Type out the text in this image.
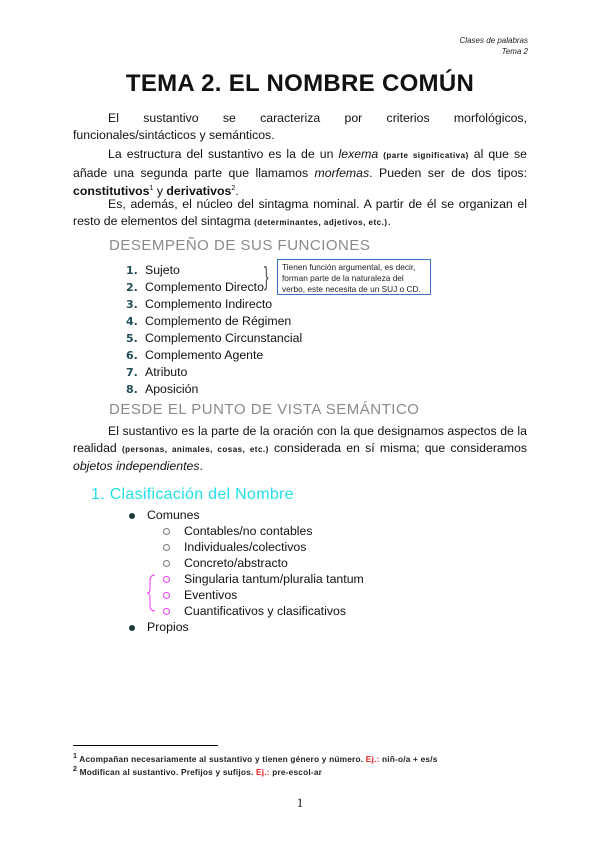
Clases de palabras
Tema 2
TEMA 2. EL NOMBRE COMÚN
El sustantivo se caracteriza por criterios morfológicos, funcionales/sintácticos y semánticos.
La estructura del sustantivo es la de un lexema (parte significativa) al que se añade una segunda parte que llamamos morfemas. Pueden ser de dos tipos: constitutivos$^1$ y derivativos$^2$.
Es, además, el núcleo del sintagma nominal. A partir de él se organizan el resto de elementos del sintagma (determinantes, adjetivos, etc.).
DESEMPEÑO DE SUS FUNCIONES
1. Sujeto
2. Complemento Directo
3. Complemento Indirecto
4. Complemento de Régimen
5. Complemento Circunstancial
6. Complemento Agente
7. Atributo
8. Aposición
}	Tienen función argumental, es decir, forman parte de la naturaleza del verbo, este necesita de un SUJ o CD.
DESDE EL PUNTO DE VISTA SEMÁNTICO
El sustantivo es la parte de la oración con la que designamos aspectos de la realidad (personas, animales, cosas, etc.) considerada en sí misma; que consideramos objetos independientes.
1. Clasificación del Nombre
Comunes
Contables/no contables
Individuales/colectivos
Concreto/abstracto
Singularia tantum/pluralia tantum
Eventivos
Cuantificativos y clasificativos
Propios
$^1$ Acompañan necesariamente al sustantivo y tienen género y número. Ej.: niñ-o/a + es/s
$^2$ Modifican al sustantivo. Prefijos y sufijos. Ej.: pre-escol-ar
1
